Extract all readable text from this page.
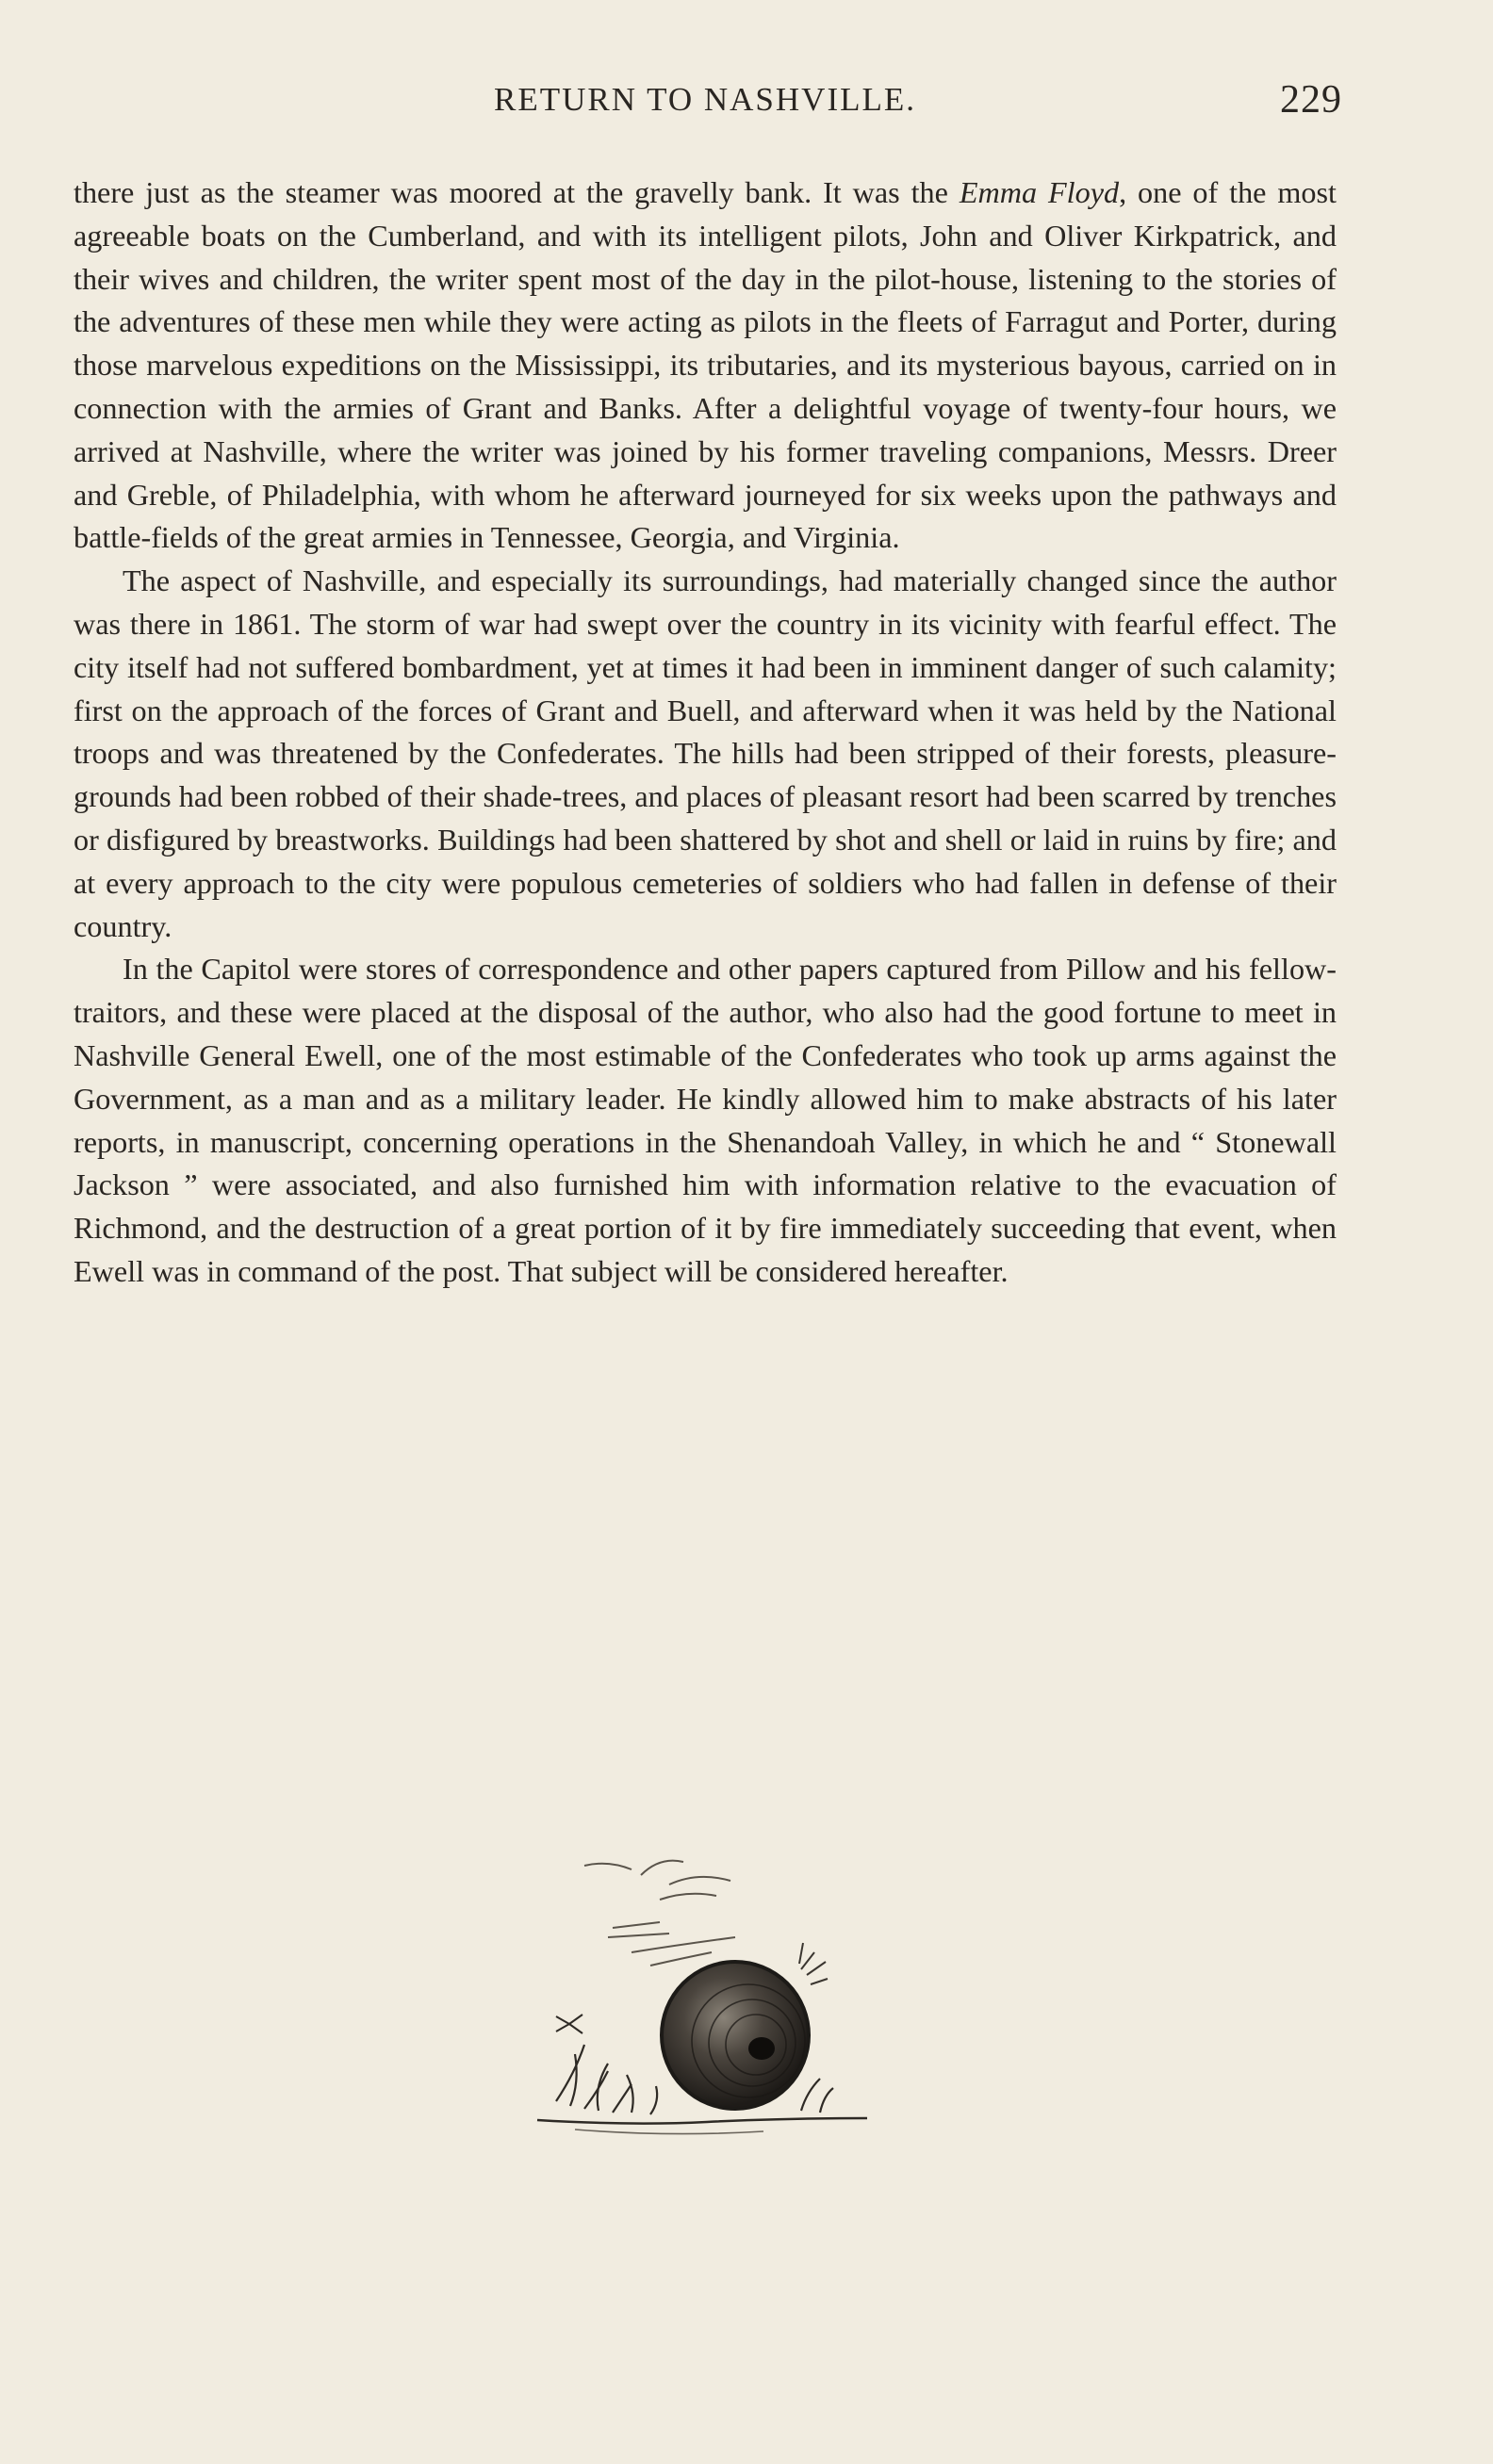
RETURN TO NASHVILLE.	229

there just as the steamer was moored at the gravelly bank. It was the Emma Floyd, one of the most agreeable boats on the Cumberland, and with its intelligent pilots, John and Oliver Kirkpatrick, and their wives and children, the writer spent most of the day in the pilot-house, listening to the stories of the adventures of these men while they were acting as pilots in the fleets of Farragut and Porter, during those marvelous expeditions on the Mississippi, its tributaries, and its mysterious bayous, carried on in connection with the armies of Grant and Banks. After a delightful voyage of twenty-four hours, we arrived at Nashville, where the writer was joined by his former traveling companions, Messrs. Dreer and Greble, of Philadelphia, with whom he afterward journeyed for six weeks upon the pathways and battle-fields of the great armies in Tennessee, Georgia, and Virginia.

The aspect of Nashville, and especially its surroundings, had materially changed since the author was there in 1861. The storm of war had swept over the country in its vicinity with fearful effect. The city itself had not suffered bombardment, yet at times it had been in imminent danger of such calamity; first on the approach of the forces of Grant and Buell, and afterward when it was held by the National troops and was threatened by the Confederates. The hills had been stripped of their forests, pleasure-grounds had been robbed of their shade-trees, and places of pleasant resort had been scarred by trenches or disfigured by breastworks. Buildings had been shattered by shot and shell or laid in ruins by fire; and at every approach to the city were populous cemeteries of soldiers who had fallen in defense of their country.

In the Capitol were stores of correspondence and other papers captured from Pillow and his fellow-traitors, and these were placed at the disposal of the author, who also had the good fortune to meet in Nashville General Ewell, one of the most estimable of the Confederates who took up arms against the Government, as a man and as a military leader. He kindly allowed him to make abstracts of his later reports, in manuscript, concerning operations in the Shenandoah Valley, in which he and “ Stonewall Jackson ” were associated, and also furnished him with information relative to the evacuation of Richmond, and the destruction of a great portion of it by fire immediately succeeding that event, when Ewell was in command of the post. That subject will be considered hereafter.
